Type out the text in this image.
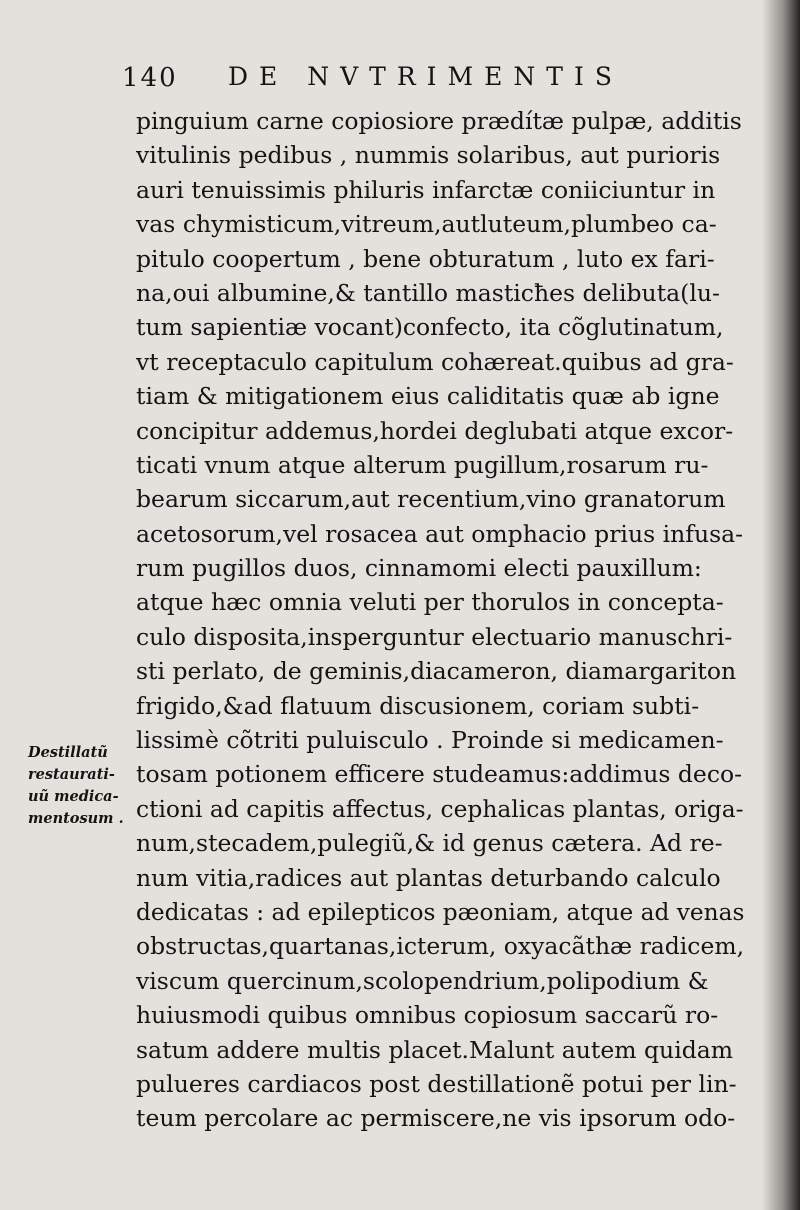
140 DE NVTRIMENTIS
pinguium carne copiosiore prædítæ pulpæ, additis
vitulinis pedibus , nummis solaribus, aut purioris
auri tenuissimis philuris infarctæ coniiciuntur in
vas chymisticum,vitreum,autluteum,plumbeo ca-
pitulo coopertum , bene obturatum , luto ex fari-
na,oui albumine,& tantillo masticħes delibuta(lu-
tum sapientiæ vocant)confecto, ita cõglutinatum,
vt receptaculo capitulum cohæreat.quibus ad gra-
tiam & mitigationem eius caliditatis quæ ab igne
concipitur addemus,hordei deglubati atque excor-
ticati vnum atque alterum pugillum,rosarum ru-
bearum siccarum,aut recentium,vino granatorum
acetosorum,vel rosacea aut omphacio prius infusa-
rum pugillos duos, cinnamomi electi pauxillum:
atque hæc omnia veluti per thorulos in concepta-
culo disposita,insperguntur electuario manuschri-
sti perlato, de geminis,diacameron, diamargariton
frigido,&ad flatuum discusionem, coriam subti-
lissimè cõtriti puluisculo . Proinde si medicamen-
tosam potionem efficere studeamus:addimus deco-
ctioni ad capitis affectus, cephalicas plantas, origa-
num,stecadem,pulegiũ,& id genus cætera. Ad re-
num vitia,radices aut plantas deturbando calculo
dedicatas : ad epilepticos pæoniam, atque ad venas
obstructas,quartanas,icterum, oxyacãthæ radicem,
viscum quercinum,scolopendrium,polipodium &
huiusmodi quibus omnibus copiosum saccarũ ro-
satum addere multis placet.Malunt autem quidam
pulueres cardiacos post destillationẽ potui per lin-
teum percolare ac permiscere,ne vis ipsorum odo-
Destillatũ
restaurati-
uũ medica-
mentosum .
